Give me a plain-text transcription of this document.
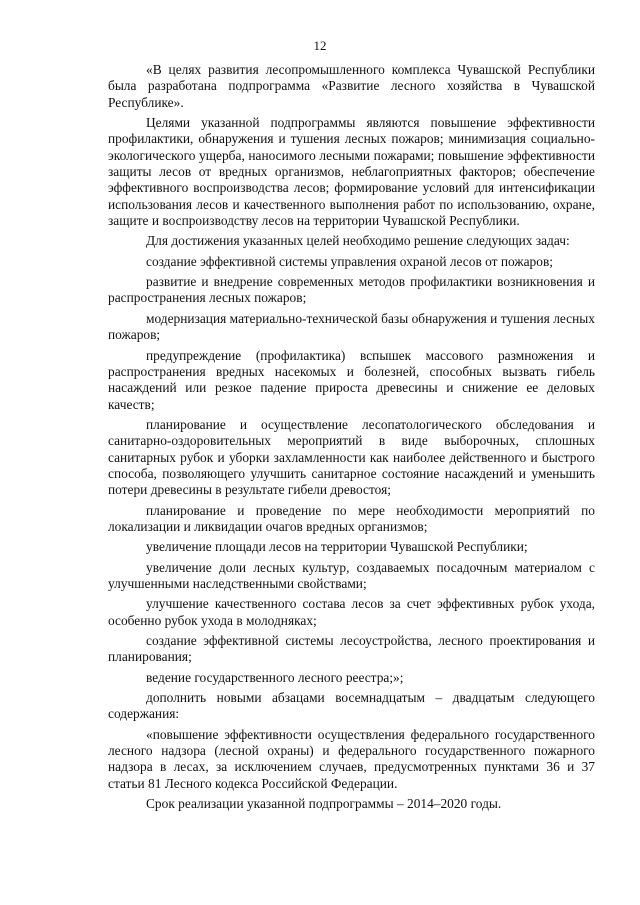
12

«В целях развития лесопромышленного комплекса Чувашской Республики была разработана подпрограмма «Развитие лесного хозяйства в Чувашской Республике».

Целями указанной подпрограммы являются повышение эффективности профилактики, обнаружения и тушения лесных пожаров; минимизация социально-экологического ущерба, наносимого лесными пожарами; повышение эффективности защиты лесов от вредных организмов, неблагоприятных факторов; обеспечение эффективного воспроизводства лесов; формирование условий для интенсификации использования лесов и качественного выполнения работ по использованию, охране, защите и воспроизводству лесов на территории Чувашской Республики.

Для достижения указанных целей необходимо решение следующих задач:

создание эффективной системы управления охраной лесов от пожаров;

развитие и внедрение современных методов профилактики возникновения и распространения лесных пожаров;

модернизация материально-технической базы обнаружения и тушения лесных пожаров;

предупреждение (профилактика) вспышек массового размножения и распространения вредных насекомых и болезней, способных вызвать гибель насаждений или резкое падение прироста древесины и снижение ее деловых качеств;

планирование и осуществление лесопатологического обследования и санитарно-оздоровительных мероприятий в виде выборочных, сплошных санитарных рубок и уборки захламленности как наиболее действенного и быстрого способа, позволяющего улучшить санитарное состояние насаждений и уменьшить потери древесины в результате гибели древостоя;

планирование и проведение по мере необходимости мероприятий по локализации и ликвидации очагов вредных организмов;

увеличение площади лесов на территории Чувашской Республики;

увеличение доли лесных культур, создаваемых посадочным материалом с улучшенными наследственными свойствами;

улучшение качественного состава лесов за счет эффективных рубок ухода, особенно рубок ухода в молодняках;

создание эффективной системы лесоустройства, лесного проектирования и планирования;

ведение государственного лесного реестра;»;

дополнить новыми абзацами восемнадцатым – двадцатым следующего содержания:

«повышение эффективности осуществления федерального государственного лесного надзора (лесной охраны) и федерального государственного пожарного надзора в лесах, за исключением случаев, предусмотренных пунктами 36 и 37 статьи 81 Лесного кодекса Российской Федерации.

Срок реализации указанной подпрограммы – 2014–2020 годы.
